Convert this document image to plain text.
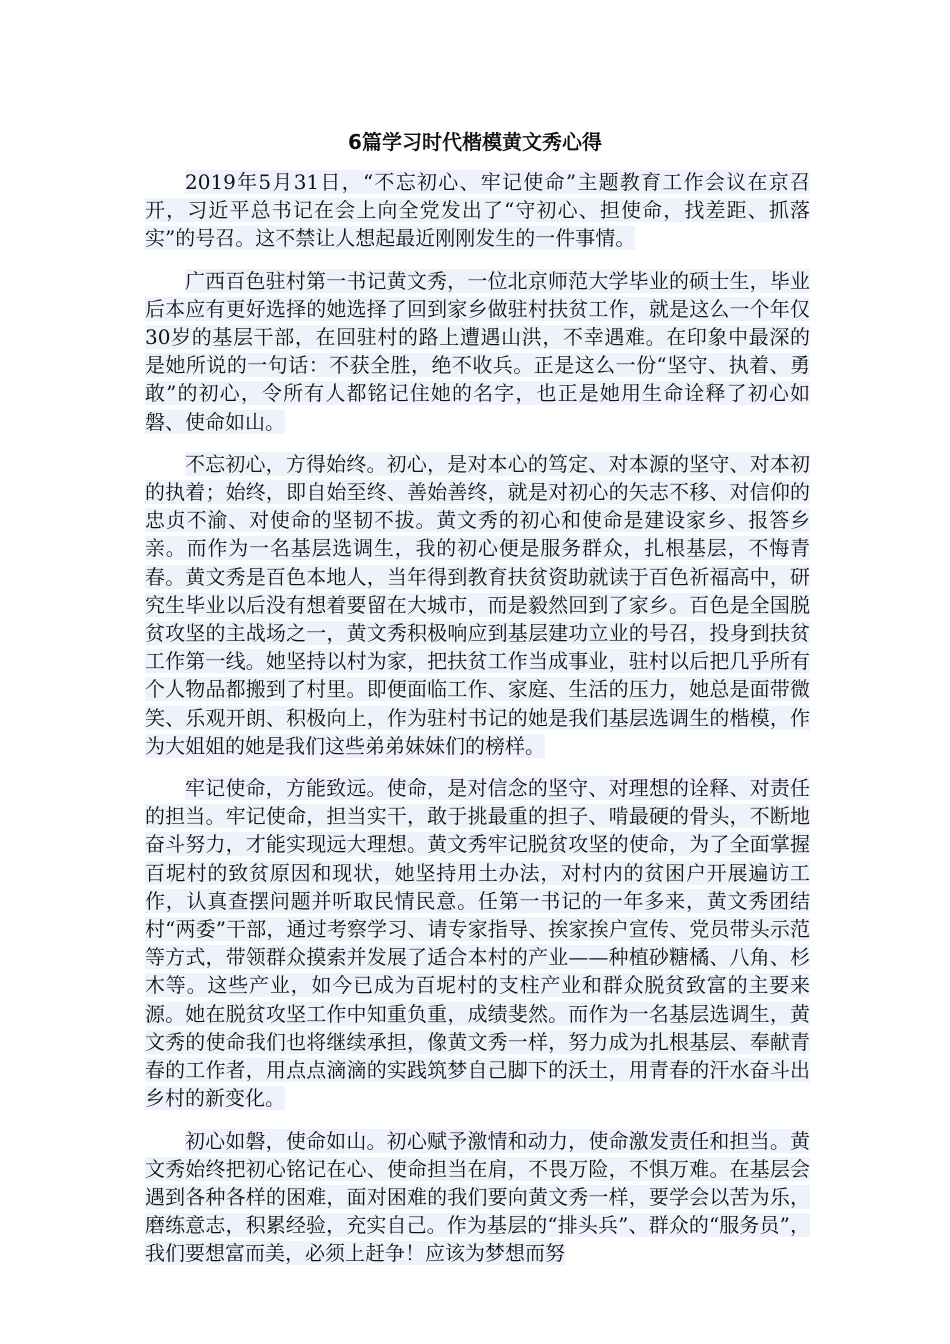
6篇学习时代楷模黄文秀心得

2019年5月31日，“不忘初心、牢记使命”主题教育工作会议在京召开，习近平总书记在会上向全党发出了“守初心、担使命，找差距、抓落实”的号召。这不禁让人想起最近刚刚发生的一件事情。

广西百色驻村第一书记黄文秀，一位北京师范大学毕业的硕士生，毕业后本应有更好选择的她选择了回到家乡做驻村扶贫工作，就是这么一个年仅30岁的基层干部，在回驻村的路上遭遇山洪，不幸遇难。在印象中最深的是她所说的一句话：不获全胜，绝不收兵。正是这么一份“坚守、执着、勇敢”的初心，令所有人都铭记住她的名字，也正是她用生命诠释了初心如磐、使命如山。

不忘初心，方得始终。初心，是对本心的笃定、对本源的坚守、对本初的执着；始终，即自始至终、善始善终，就是对初心的矢志不移、对信仰的忠贞不渝、对使命的坚韧不拔。黄文秀的初心和使命是建设家乡、报答乡亲。而作为一名基层选调生，我的初心便是服务群众，扎根基层，不悔青春。黄文秀是百色本地人，当年得到教育扶贫资助就读于百色祈福高中，研究生毕业以后没有想着要留在大城市，而是毅然回到了家乡。百色是全国脱贫攻坚的主战场之一，黄文秀积极响应到基层建功立业的号召，投身到扶贫工作第一线。她坚持以村为家，把扶贫工作当成事业，驻村以后把几乎所有个人物品都搬到了村里。即便面临工作、家庭、生活的压力，她总是面带微笑、乐观开朗、积极向上，作为驻村书记的她是我们基层选调生的楷模，作为大姐姐的她是我们这些弟弟妹妹们的榜样。

牢记使命，方能致远。使命，是对信念的坚守、对理想的诠释、对责任的担当。牢记使命，担当实干，敢于挑最重的担子、啃最硬的骨头，不断地奋斗努力，才能实现远大理想。黄文秀牢记脱贫攻坚的使命，为了全面掌握百坭村的致贫原因和现状，她坚持用土办法，对村内的贫困户开展遍访工作，认真查摆问题并听取民情民意。任第一书记的一年多来，黄文秀团结村“两委”干部，通过考察学习、请专家指导、挨家挨户宣传、党员带头示范等方式，带领群众摸索并发展了适合本村的产业——种植砂糖橘、八角、杉木等。这些产业，如今已成为百坭村的支柱产业和群众脱贫致富的主要来源。她在脱贫攻坚工作中知重负重，成绩斐然。而作为一名基层选调生，黄文秀的使命我们也将继续承担，像黄文秀一样，努力成为扎根基层、奉献青春的工作者，用点点滴滴的实践筑梦自己脚下的沃土，用青春的汗水奋斗出乡村的新变化。

初心如磐，使命如山。初心赋予激情和动力，使命激发责任和担当。黄文秀始终把初心铭记在心、使命担当在肩，不畏万险，不惧万难。在基层会遇到各种各样的困难，面对困难的我们要向黄文秀一样，要学会以苦为乐，磨练意志，积累经验，充实自己。作为基层的“排头兵”、群众的“服务员”，我们要想富而美，必须上赶争！应该为梦想而努
